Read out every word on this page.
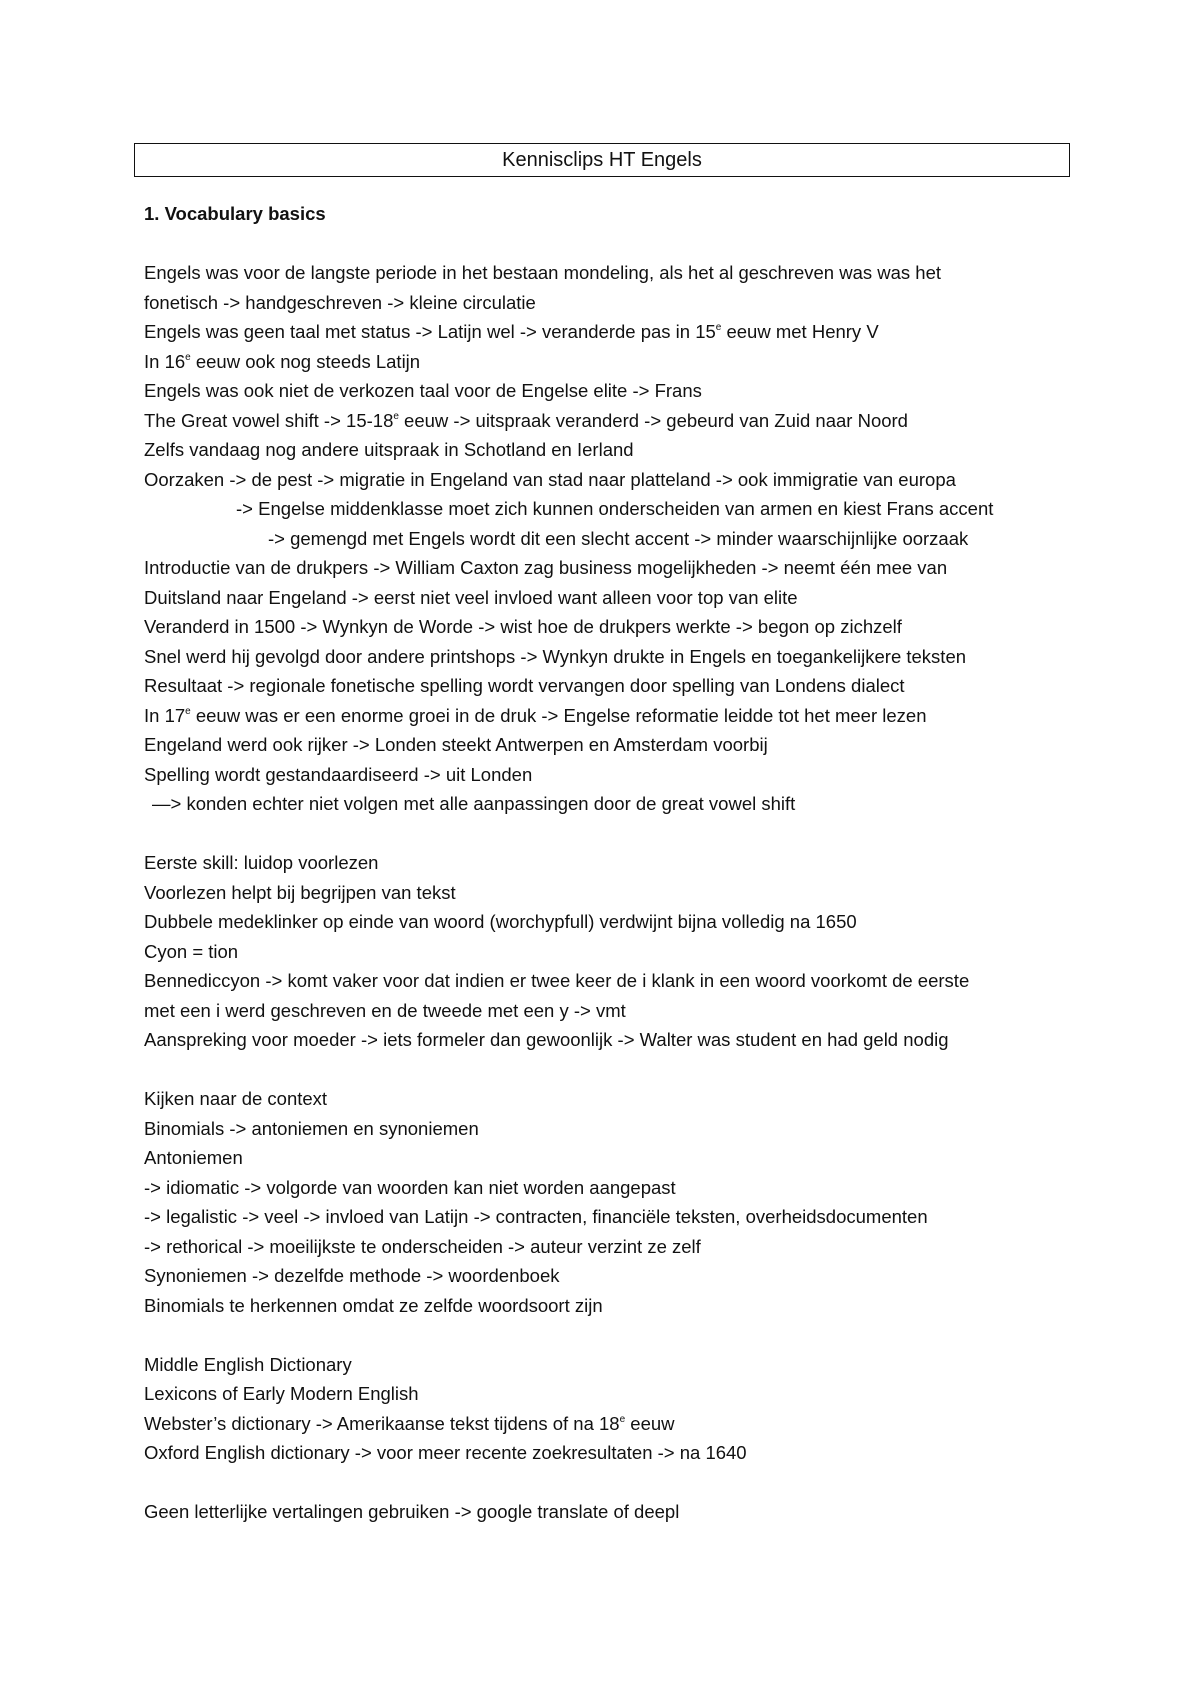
Kennisclips HT Engels
1. Vocabulary basics
Engels was voor de langste periode in het bestaan mondeling, als het al geschreven was was het
fonetisch -> handgeschreven -> kleine circulatie
Engels was geen taal met status -> Latijn wel -> veranderde pas in 15e eeuw met Henry V
In 16e eeuw ook nog steeds Latijn
Engels was ook niet de verkozen taal voor de Engelse elite -> Frans
The Great vowel shift -> $15-18^e$ eeuw -> uitspraak veranderd -> gebeurd van Zuid naar Noord
Zelfs vandaag nog andere uitspraak in Schotland en Ierland
Oorzaken -> de pest -> migratie in Engeland van stad naar platteland -> ook immigratie van europa
-> Engelse middenklasse moet zich kunnen onderscheiden van armen en kiest Frans accent
-> gemengd met Engels wordt dit een slecht accent -> minder waarschijnlijke oorzaak
Introductie van de drukpers -> William Caxton zag business mogelijkheden -> neemt één mee van
Duitsland naar Engeland -> eerst niet veel invloed want alleen voor top van elite
Veranderd in 1500 -> Wynkyn de Worde -> wist hoe de drukpers werkte -> begon op zichzelf
Snel werd hij gevolgd door andere printshops -> Wynkyn drukte in Engels en toegankelijkere teksten
Resultaat -> regionale fonetische spelling wordt vervangen door spelling van Londens dialect
In 17e eeuw was er een enorme groei in de druk -> Engelse reformatie leidde tot het meer lezen
Engeland werd ook rijker -> Londen steekt Antwerpen en Amsterdam voorbij
Spelling wordt gestandaardiseerd -> uit Londen
—> konden echter niet volgen met alle aanpassingen door de great vowel shift
Eerste skill: luidop voorlezen
Voorlezen helpt bij begrijpen van tekst
Dubbele medeklinker op einde van woord (worchypfull) verdwijnt bijna volledig na 1650
Cyon = tion
Bennediccyon -> komt vaker voor dat indien er twee keer de i klank in een woord voorkomt de eerste
met een i werd geschreven en de tweede met een y -> vmt
Aanspreking voor moeder -> iets formeler dan gewoonlijk -> Walter was student en had geld nodig
Kijken naar de context
Binomials -> antoniemen en synoniemen
Antoniemen
-> idiomatic -> volgorde van woorden kan niet worden aangepast
-> legalistic -> veel -> invloed van Latijn -> contracten, financiële teksten, overheidsdocumenten
-> rethorical -> moeilijkste te onderscheiden -> auteur verzint ze zelf
Synoniemen -> dezelfde methode -> woordenboek
Binomials te herkennen omdat ze zelfde woordsoort zijn
Middle English Dictionary
Lexicons of Early Modern English
Webster’s dictionary -> Amerikaanse tekst tijdens of na 18e eeuw
Oxford English dictionary -> voor meer recente zoekresultaten -> na 1640
Geen letterlijke vertalingen gebruiken -> google translate of deepl
